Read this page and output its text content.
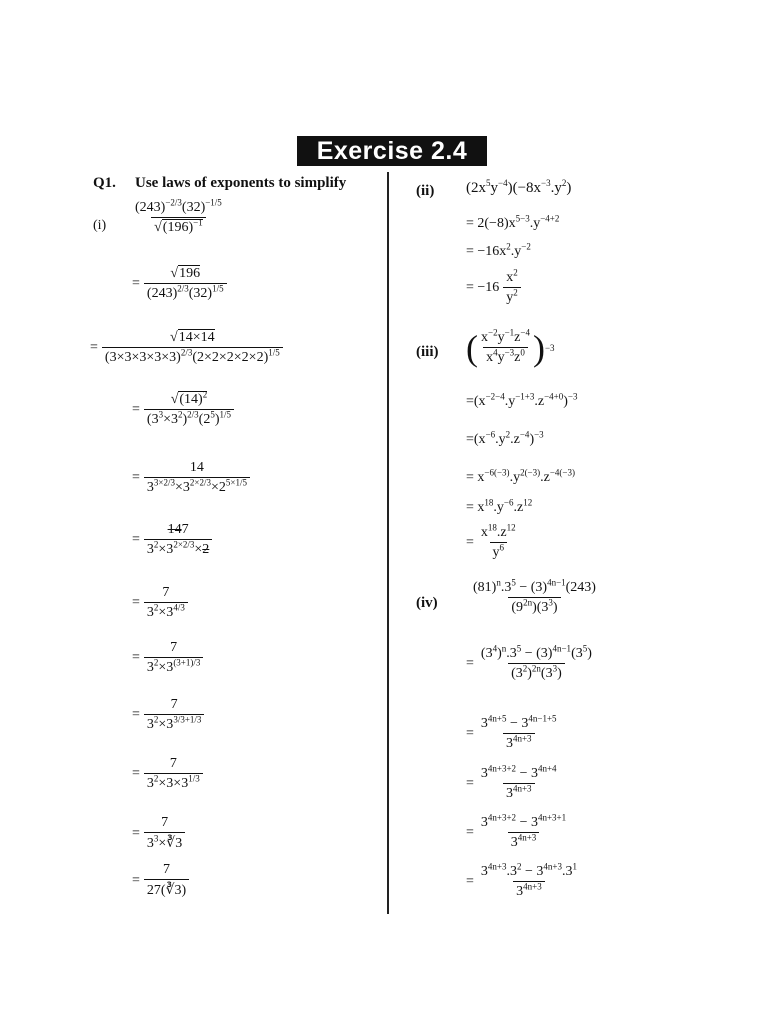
Exercise 2.4
Q1. Use laws of exponents to simplify
$(i) \frac{(243)^{-2/3}(32)^{-1/5}}{√(196)^{-1}}$
= $\frac{√196}{(243)^{2/3}(32)^{1/5}}$
= $\frac{√14\times 14}{(3\times 3\times 3\times 3\times 3)^{2/3}(2\times 2\times 2\times 2\times 2)^{1/5}}$
= $\frac{√(14)^2}{(3^3\times 3^2)^{2/3}(2^5)^{1/5}}$
= $\frac{14}{3^{3\times 2/3}\times 3^{2\times 2/3}\times 2^{5\times 1/5}}$
= $\frac{147}{3^2\times 3^{2\times 2/3}\times 2}$
= $\frac{7}{3^2\times 3^{4/3}}$
= $\frac{7}{3^2\times 3^{(3+1)/3}}$
= $\frac{7}{3^2\times 3^{3/3+1/3}}$
= $\frac{7}{3^2\times 3\times 3^{1/3}}$
= $\frac{7}{3^3\times∛3}$
= $\frac{7}{27(∛3)}$
(ii) $(2x^5y^{-4})(-8x^{-3}.y^2)$
= $2(-8)x^{5-3}.y^{-4+2}$
= $-16x^2.y^{-2}$
= $-16 \frac{x^2}{y^2}$
(iii) ( $\frac{x^{-2}y^{-1}z^{-4}}{x^4y^{-3}z^0}$ ) −3
$=(x^{-2-4}.y^{-1+3}.z^{-4+0})^{-3}$
$=(x^{-6}.y^2.z^{-4})^{-3}$
= $x^{-6(-3)}.y^{2(-3)}.z^{-4(-3)}$
= $x^{18}.y^{-6}.z^{12}$
= $\frac{x^{18}.z^{12}}{y^6}$
$(iv) \frac{(81)^n.3^5 - (3)^{4n-1}(243)}{(9^{2n})(3^3)}$
= $\frac{(3^4)^n.3^5 - (3)^{4n-1}(3^5)}{(3^2)^{2n}(3^3)}$
= $\frac{3^{4n+5} - 3^{4n-1+5}}{3^{4n+3}}$
= $\frac{3^{4n+3+2} - 3^{4n+4}}{3^{4n+3}}$
= $\frac{3^{4n+3+2} - 3^{4n+3+1}}{3^{4n+3}}$
= $\frac{3^{4n+3}.3^2 - 3^{4n+3}.3^1}{3^{4n+3}}$
